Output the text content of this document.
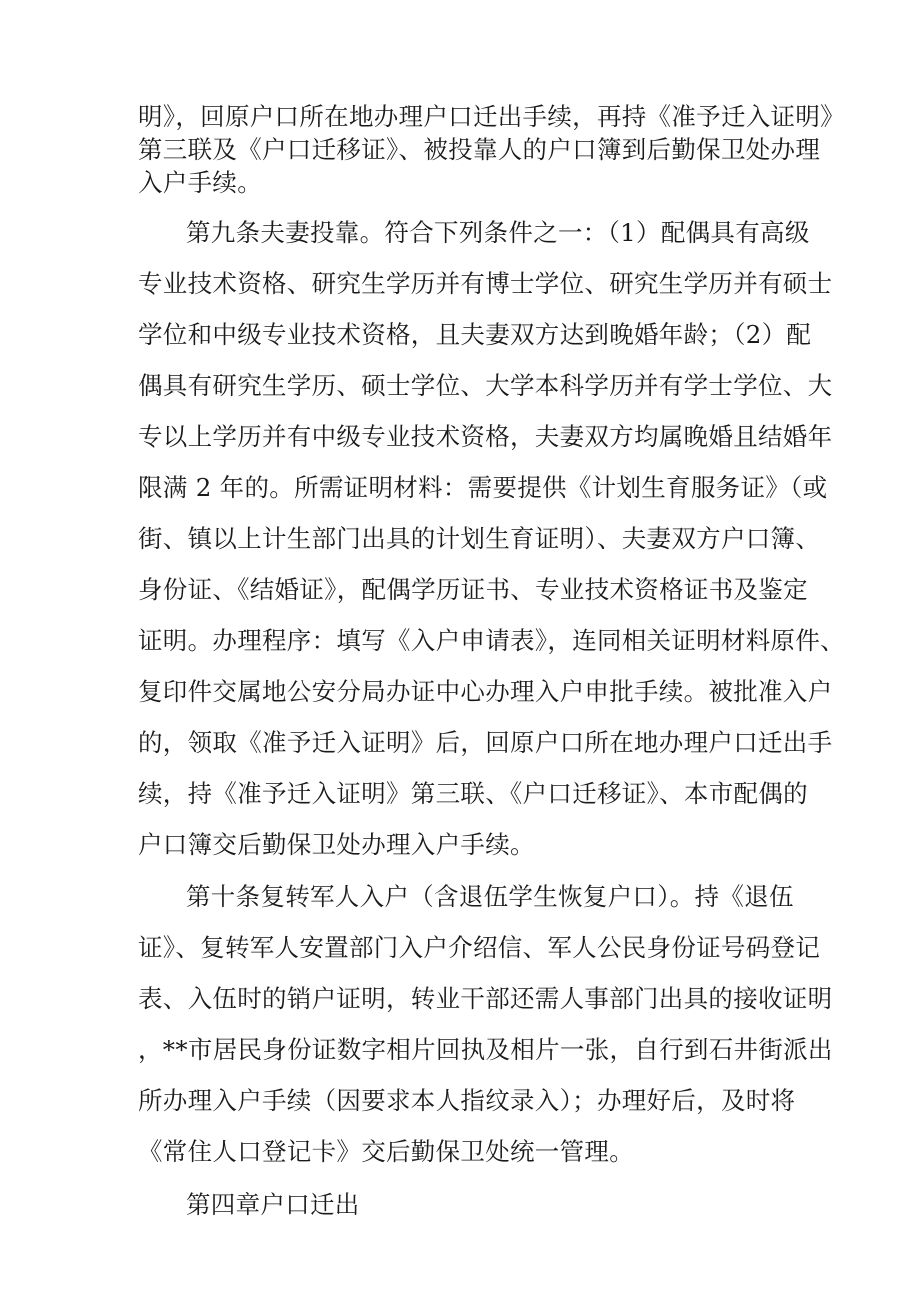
明》，回原户口所在地办理户口迁出手续，再持《准予迁入证明》
第三联及《户口迁移证》、被投靠人的户口簿到后勤保卫处办理
入户手续。
第九条夫妻投靠。符合下列条件之一：（1）配偶具有高级
专业技术资格、研究生学历并有博士学位、研究生学历并有硕士
学位和中级专业技术资格，且夫妻双方达到晚婚年龄；（2）配
偶具有研究生学历、硕士学位、大学本科学历并有学士学位、大
专以上学历并有中级专业技术资格，夫妻双方均属晚婚且结婚年
限满 2 年的。所需证明材料：需要提供《计划生育服务证》（或
街、镇以上计生部门出具的计划生育证明）、夫妻双方户口簿、
身份证、《结婚证》，配偶学历证书、专业技术资格证书及鉴定
证明。办理程序：填写《入户申请表》，连同相关证明材料原件、
复印件交属地公安分局办证中心办理入户申批手续。被批准入户
的，领取《准予迁入证明》后，回原户口所在地办理户口迁出手
续，持《准予迁入证明》第三联、《户口迁移证》、本市配偶的
户口簿交后勤保卫处办理入户手续。
第十条复转军人入户（含退伍学生恢复户口）。持《退伍
证》、复转军人安置部门入户介绍信、军人公民身份证号码登记
表、入伍时的销户证明，转业干部还需人事部门出具的接收证明
，**市居民身份证数字相片回执及相片一张，自行到石井街派出
所办理入户手续（因要求本人指纹录入）；办理好后，及时将
《常住人口登记卡》交后勤保卫处统一管理。
第四章户口迁出
